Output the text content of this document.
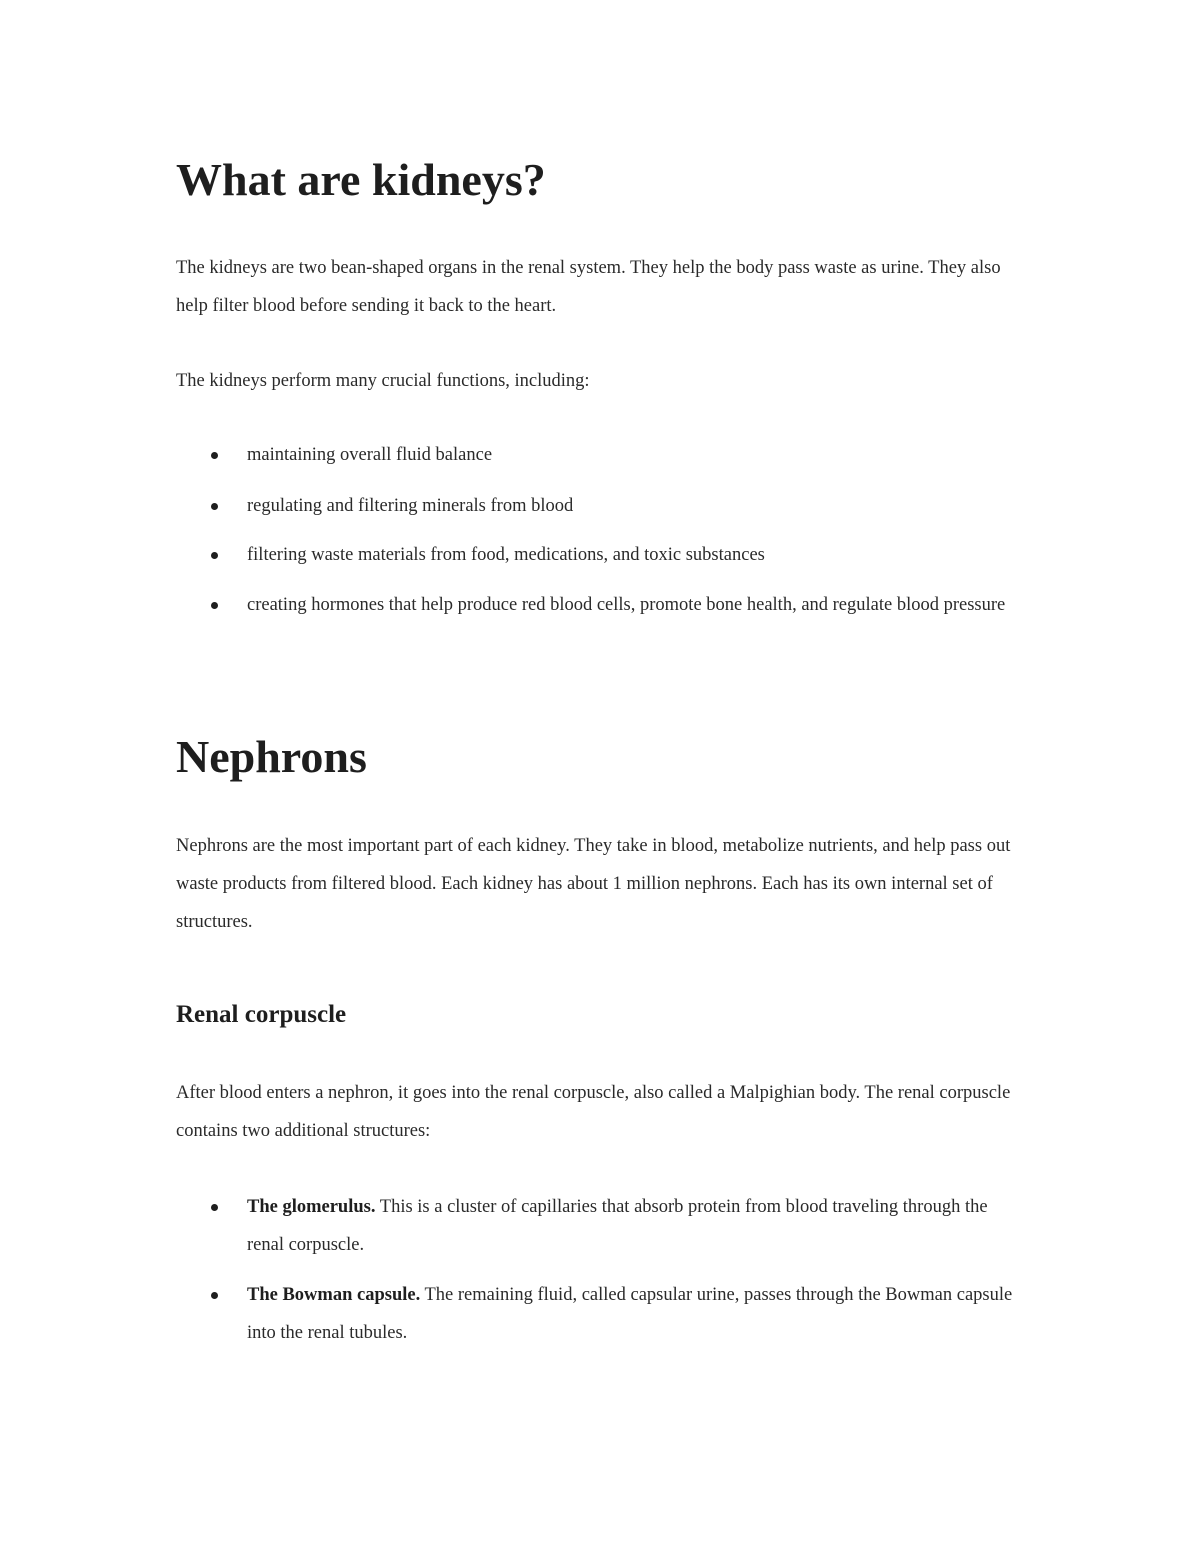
What are kidneys?

The kidneys are two bean-shaped organs in the renal system. They help the body pass waste as urine. They also help filter blood before sending it back to the heart.

The kidneys perform many crucial functions, including:

maintaining overall fluid balance
regulating and filtering minerals from blood
filtering waste materials from food, medications, and toxic substances
creating hormones that help produce red blood cells, promote bone health, and regulate blood pressure
Nephrons

Nephrons are the most important part of each kidney. They take in blood, metabolize nutrients, and help pass out waste products from filtered blood. Each kidney has about 1 million nephrons. Each has its own internal set of structures.

Renal corpuscle

After blood enters a nephron, it goes into the renal corpuscle, also called a Malpighian body. The renal corpuscle contains two additional structures:

The glomerulus. This is a cluster of capillaries that absorb protein from blood traveling through the renal corpuscle.
The Bowman capsule. The remaining fluid, called capsular urine, passes through the Bowman capsule into the renal tubules.
